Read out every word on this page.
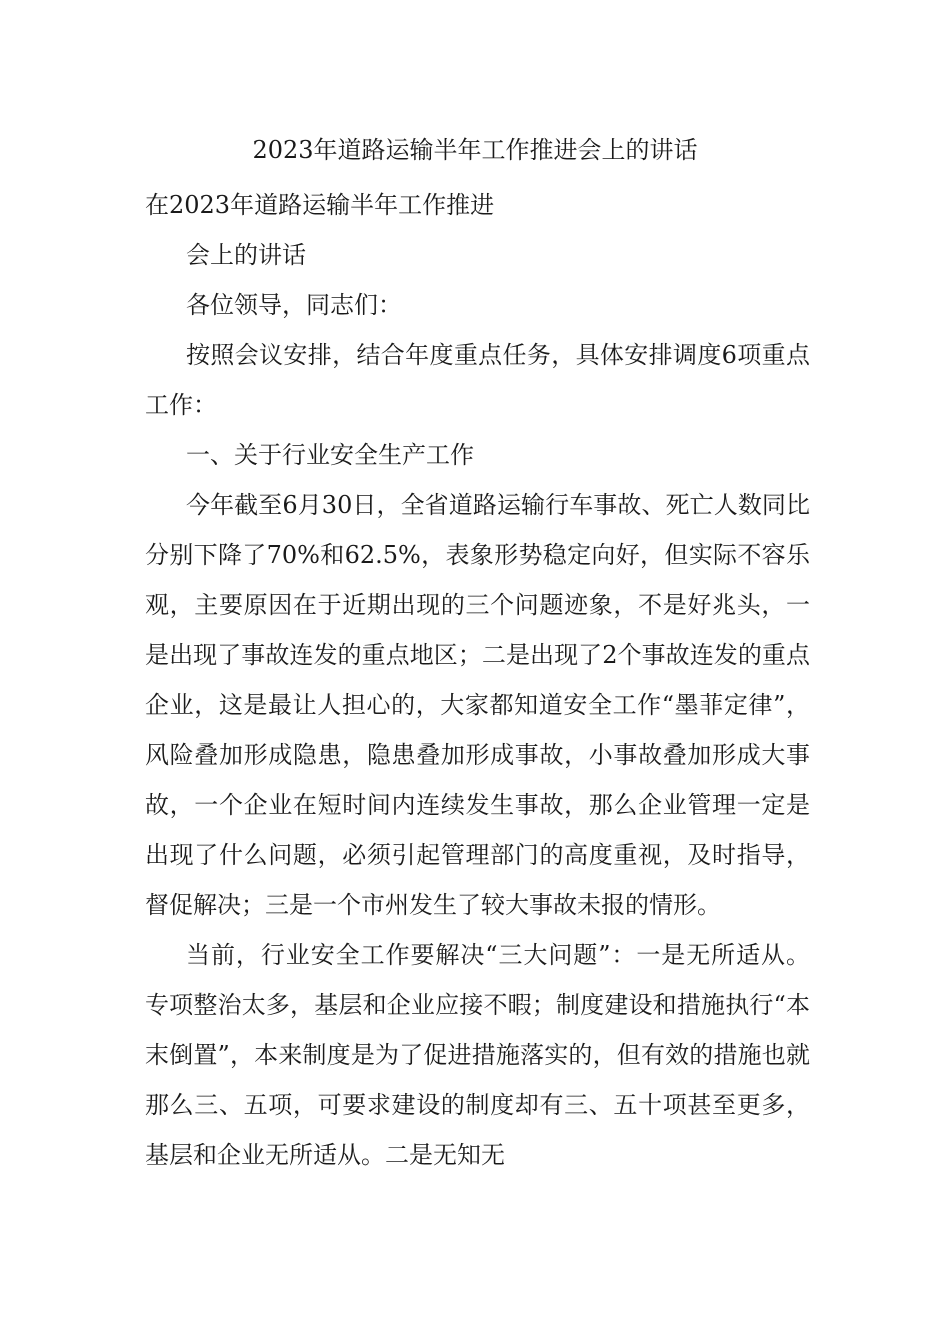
2023年道路运输半年工作推进会上的讲话

在2023年道路运输半年工作推进

会上的讲话

各位领导，同志们：

按照会议安排，结合年度重点任务，具体安排调度6项重点工作：

一、关于行业安全生产工作

今年截至6月30日，全省道路运输行车事故、死亡人数同比分别下降了70%和62.5%，表象形势稳定向好，但实际不容乐观，主要原因在于近期出现的三个问题迹象，不是好兆头，一是出现了事故连发的重点地区；二是出现了2个事故连发的重点企业，这是最让人担心的，大家都知道安全工作“墨菲定律”，风险叠加形成隐患，隐患叠加形成事故，小事故叠加形成大事故，一个企业在短时间内连续发生事故，那么企业管理一定是出现了什么问题，必须引起管理部门的高度重视，及时指导，督促解决；三是一个市州发生了较大事故未报的情形。

当前，行业安全工作要解决“三大问题”：一是无所适从。专项整治太多，基层和企业应接不暇；制度建设和措施执行“本末倒置”，本来制度是为了促进措施落实的，但有效的措施也就那么三、五项，可要求建设的制度却有三、五十项甚至更多，基层和企业无所适从。二是无知无
